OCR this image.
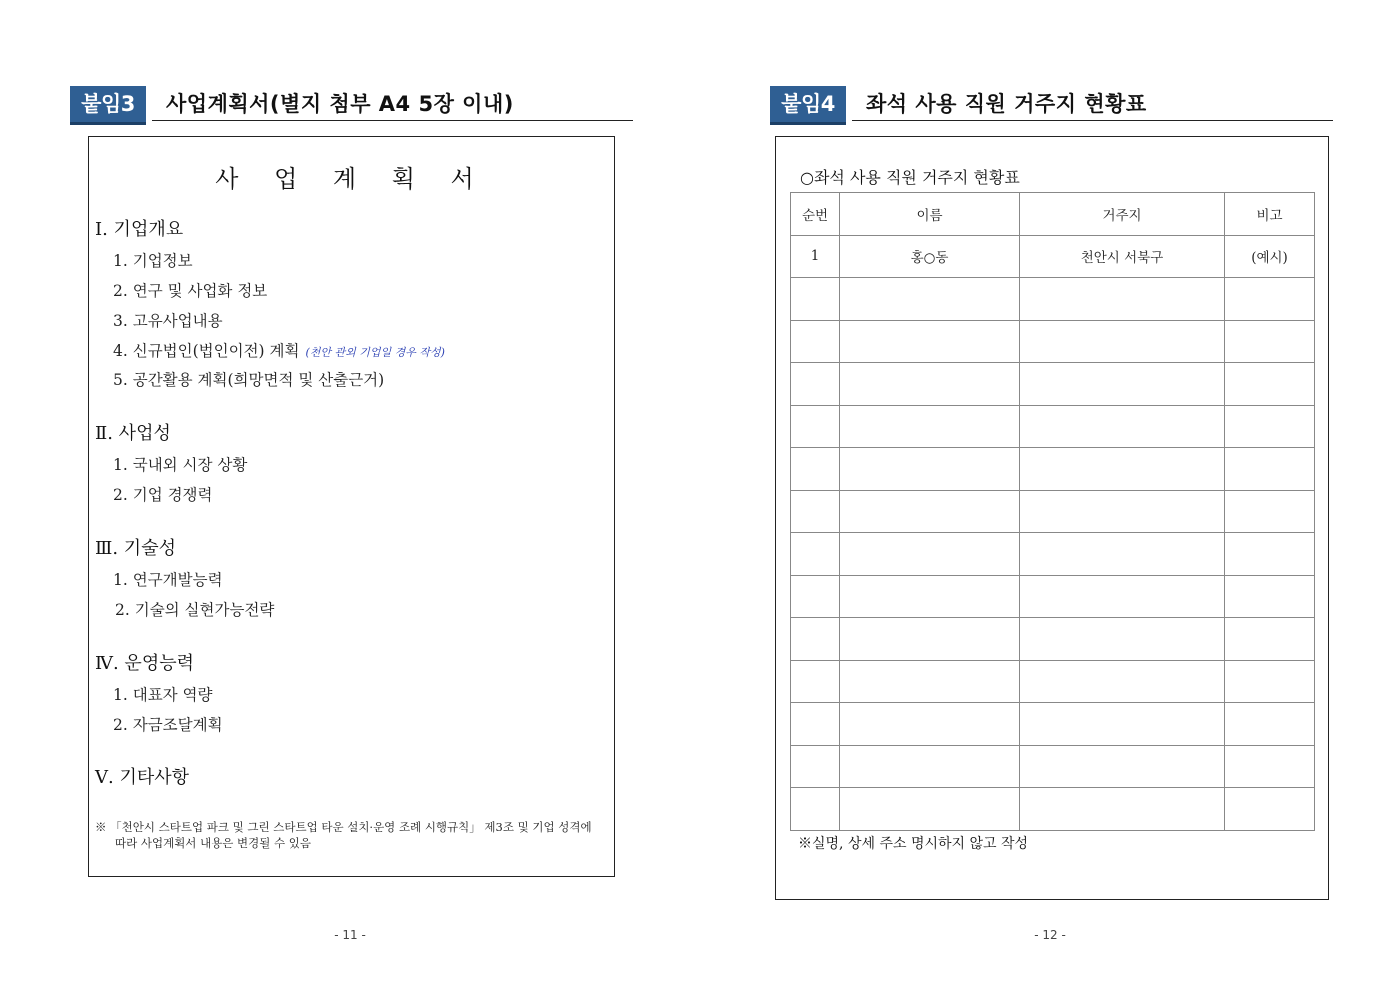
붙임3	사업계획서(별지 첨부 A4 5장 이내)
사 업 계 획 서
Ⅰ. 기업개요
1. 기업정보
2. 연구 및 사업화 정보
3. 고유사업내용
4. 신규법인(법인이전) 계획 (천안 관외 기업일 경우 작성)
5. 공간활용 계획(희망면적 및 산출근거)
Ⅱ. 사업성
1. 국내외 시장 상황
2. 기업 경쟁력
Ⅲ. 기술성
1. 연구개발능력
2. 기술의 실현가능전략
Ⅳ. 운영능력
1. 대표자 역량
2. 자금조달계획
Ⅴ. 기타사항
※ 「천안시 스타트업 파크 및 그린 스타트업 타운 설치·운영 조례 시행규칙」 제3조 및 기업 성격에
따라 사업계획서 내용은 변경될 수 있음
- 11 -
붙임4	좌석 사용 직원 거주지 현황표
○좌석 사용 직원 거주지 현황표
순번	이름	거주지	비고
1	홍○동	천안시 서북구	(예시)

※실명, 상세 주소 명시하지 않고 작성
- 12 -
